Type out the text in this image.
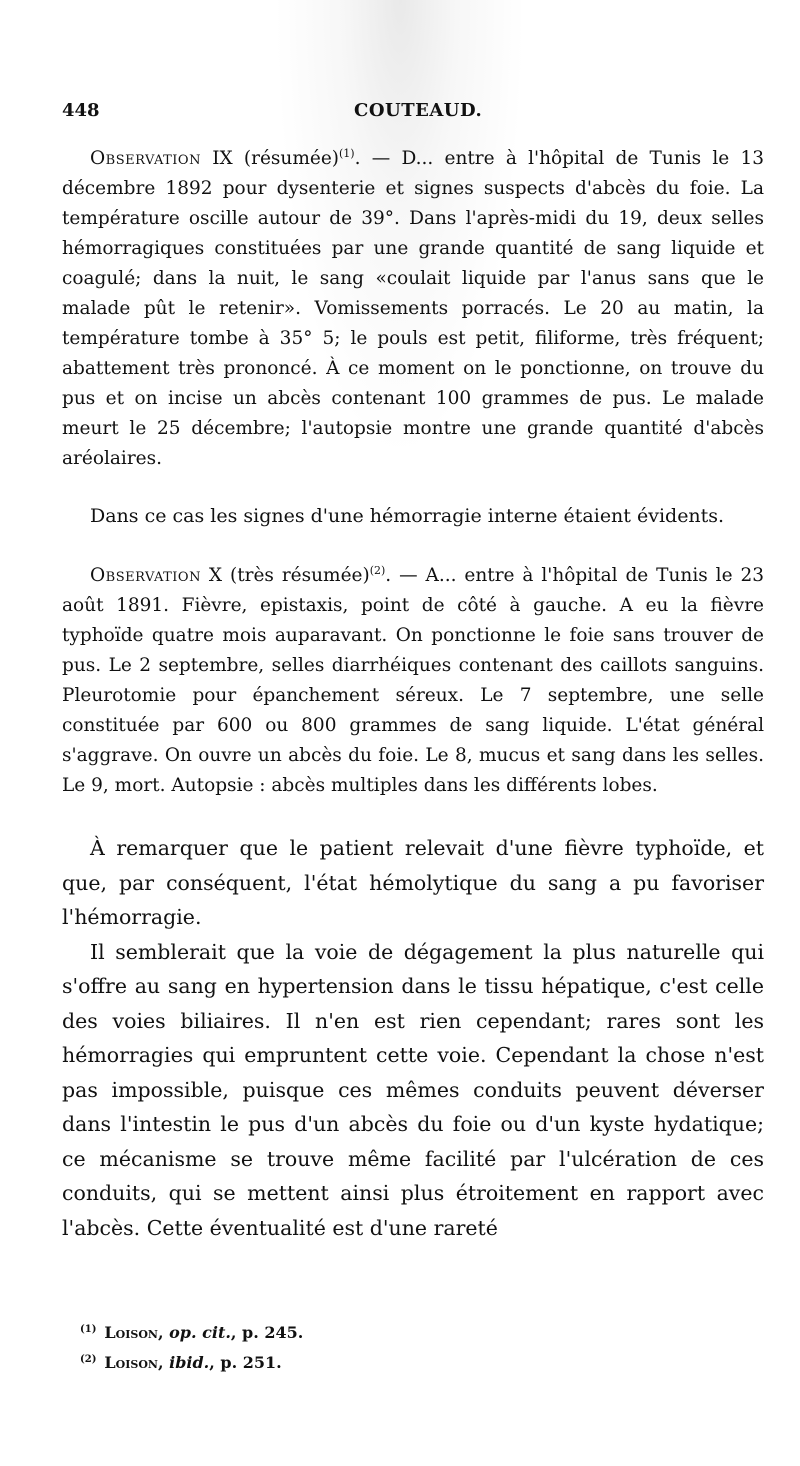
448	COUTEAUD.

Observation IX (résumée)$^{(1)}$. — D... entre à l'hôpital de Tunis le 13 décembre 1892 pour dysenterie et signes suspects d'abcès du foie. La température oscille autour de 39°. Dans l'après-midi du 19, deux selles hémorragiques constituées par une grande quantité de sang liquide et coagulé; dans la nuit, le sang «coulait liquide par l'anus sans que le malade pût le retenir». Vomissements porracés. Le 20 au matin, la température tombe à 35° 5; le pouls est petit, filiforme, très fréquent; abattement très prononcé. À ce moment on le ponctionne, on trouve du pus et on incise un abcès contenant 100 grammes de pus. Le malade meurt le 25 décembre; l'autopsie montre une grande quantité d'abcès aréolaires.

Dans ce cas les signes d'une hémorragie interne étaient évidents.

Observation X (très résumée)$^{(2)}$. — A... entre à l'hôpital de Tunis le 23 août 1891. Fièvre, epistaxis, point de côté à gauche. A eu la fièvre typhoïde quatre mois auparavant. On ponctionne le foie sans trouver de pus. Le 2 septembre, selles diarrhéiques contenant des caillots sanguins. Pleurotomie pour épanchement séreux. Le 7 septembre, une selle constituée par 600 ou 800 grammes de sang liquide. L'état général s'aggrave. On ouvre un abcès du foie. Le 8, mucus et sang dans les selles. Le 9, mort. Autopsie : abcès multiples dans les différents lobes.

À remarquer que le patient relevait d'une fièvre typhoïde, et que, par conséquent, l'état hémolytique du sang a pu favoriser l'hémorragie.

Il semblerait que la voie de dégagement la plus naturelle qui s'offre au sang en hypertension dans le tissu hépatique, c'est celle des voies biliaires. Il n'en est rien cependant; rares sont les hémorragies qui empruntent cette voie. Cependant la chose n'est pas impossible, puisque ces mêmes conduits peuvent déverser dans l'intestin le pus d'un abcès du foie ou d'un kyste hydatique; ce mécanisme se trouve même facilité par l'ulcération de ces conduits, qui se mettent ainsi plus étroitement en rapport avec l'abcès. Cette éventualité est d'une rareté

$^{(1)}$ Loison, op. cit., p. 245.
$^{(2)}$ Loison, ibid., p. 251.
